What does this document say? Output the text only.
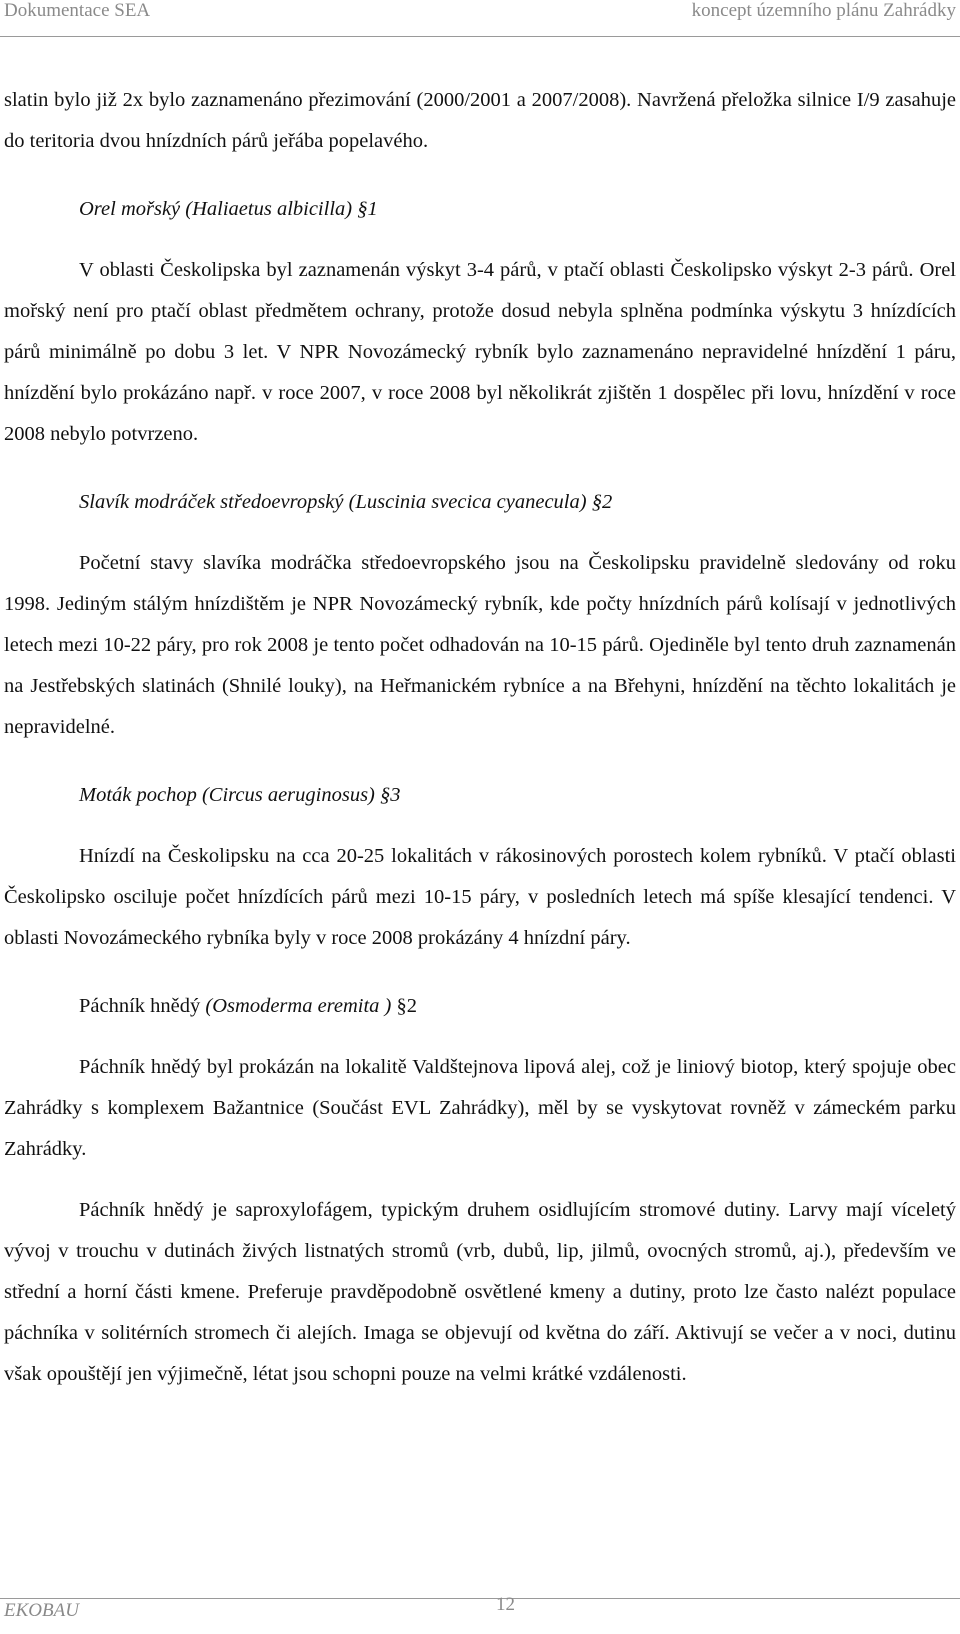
Dokumentace SEA	koncept územního plánu Zahrádky

slatin bylo již 2x bylo zaznamenáno přezimování (2000/2001 a 2007/2008). Navržená přeložka silnice I/9 zasahuje do teritoria dvou hnízdních párů jeřába popelavého.

Orel mořský (Haliaetus albicilla) §1

V oblasti Českolipska byl zaznamenán výskyt 3-4 párů, v ptačí oblasti Českolipsko výskyt 2-3 párů. Orel mořský není pro ptačí oblast předmětem ochrany, protože dosud nebyla splněna podmínka výskytu 3 hnízdících párů minimálně po dobu 3 let. V NPR Novozámecký rybník bylo zaznamenáno nepravidelné hnízdění 1 páru, hnízdění bylo prokázáno např. v roce 2007, v roce 2008 byl několikrát zjištěn 1 dospělec při lovu, hnízdění v roce 2008 nebylo potvrzeno.

Slavík modráček středoevropský (Luscinia svecica cyanecula) §2

Početní stavy slavíka modráčka středoevropského jsou na Českolipsku pravidelně sledovány od roku 1998. Jediným stálým hnízdištěm je NPR Novozámecký rybník, kde počty hnízdních párů kolísají v jednotlivých letech mezi 10-22 páry, pro rok 2008 je tento počet odhadován na 10-15 párů. Ojediněle byl tento druh zaznamenán na Jestřebských slatinách (Shnilé louky), na Heřmanickém rybníce a na Břehyni, hnízdění na těchto lokalitách je nepravidelné.

Moták pochop (Circus aeruginosus) §3

Hnízdí na Českolipsku na cca 20-25 lokalitách v rákosinových porostech kolem rybníků. V ptačí oblasti Českolipsko osciluje počet hnízdících párů mezi 10-15 páry, v posledních letech má spíše klesající tendenci. V oblasti Novozámeckého rybníka byly v roce 2008 prokázány 4 hnízdní páry.

Páchník hnědý (Osmoderma eremita ) §2

Páchník hnědý byl prokázán na lokalitě Valdštejnova lipová alej, což je liniový biotop, který spojuje obec Zahrádky s komplexem Bažantnice (Součást EVL Zahrádky), měl by se vyskytovat rovněž v zámeckém parku Zahrádky.

Páchník hnědý je saproxylofágem, typickým druhem osidlujícím stromové dutiny. Larvy mají víceletý vývoj v trouchu v dutinách živých listnatých stromů (vrb, dubů, lip, jilmů, ovocných stromů, aj.), především ve střední a horní části kmene. Preferuje pravděpodobně osvětlené kmeny a dutiny, proto lze často nalézt populace páchníka v solitérních stromech či alejích. Imaga se objevují od května do září. Aktivují se večer a v noci, dutinu však opouštějí jen výjimečně, létat jsou schopni pouze na velmi krátké vzdálenosti.

EKOBAU	12
